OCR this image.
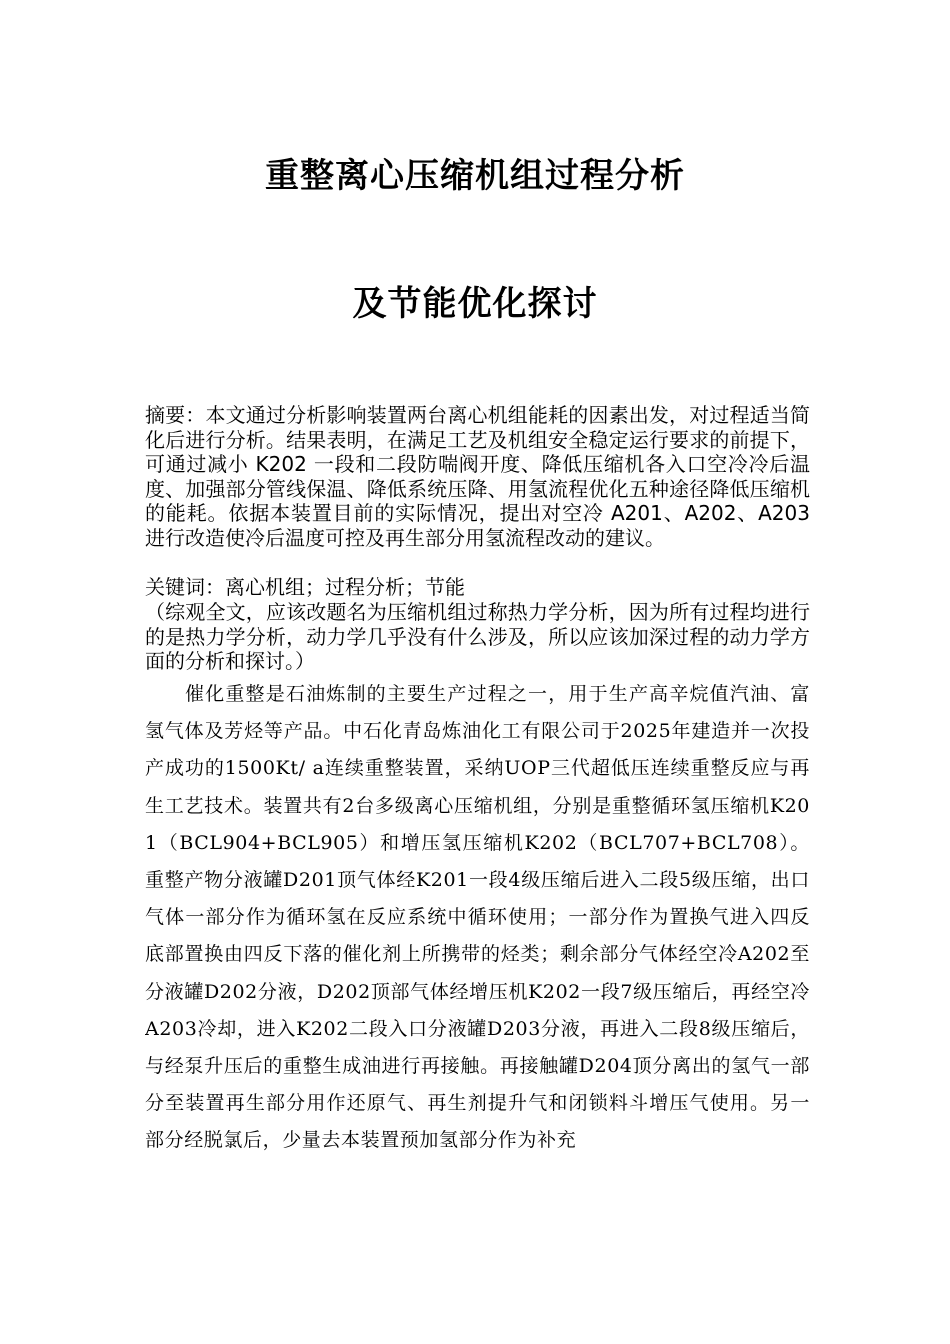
重整离心压缩机组过程分析
及节能优化探讨

摘要：本文通过分析影响装置两台离心机组能耗的因素出发，对过程适当简化后进行分析。结果表明，在满足工艺及机组安全稳定运行要求的前提下，可通过减小 K202 一段和二段防喘阀开度、降低压缩机各入口空冷冷后温度、加强部分管线保温、降低系统压降、用氢流程优化五种途径降低压缩机的能耗。依据本装置目前的实际情况，提出对空冷 A201、A202、A203 进行改造使冷后温度可控及再生部分用氢流程改动的建议。

关键词：离心机组；过程分析；节能

（综观全文，应该改题名为压缩机组过称热力学分析，因为所有过程均进行的是热力学分析，动力学几乎没有什么涉及，所以应该加深过程的动力学方面的分析和探讨。）

催化重整是石油炼制的主要生产过程之一，用于生产高辛烷值汽油、富氢气体及芳烃等产品。中石化青岛炼油化工有限公司于2025年建造并一次投产成功的1500Kt/ a连续重整装置，采纳UOP三代超低压连续重整反应与再生工艺技术。装置共有2台多级离心压缩机组，分别是重整循环氢压缩机K201（BCL904+BCL905）和增压氢压缩机K202（BCL707+BCL708）。重整产物分液罐D201顶气体经K201一段4级压缩后进入二段5级压缩，出口气体一部分作为循环氢在反应系统中循环使用；一部分作为置换气进入四反底部置换由四反下落的催化剂上所携带的烃类；剩余部分气体经空冷A202至分液罐D202分液，D202顶部气体经增压机K202一段7级压缩后，再经空冷A203冷却，进入K202二段入口分液罐D203分液，再进入二段8级压缩后，与经泵升压后的重整生成油进行再接触。再接触罐D204顶分离出的氢气一部分至装置再生部分用作还原气、再生剂提升气和闭锁料斗增压气使用。另一部分经脱氯后，少量去本装置预加氢部分作为补充
